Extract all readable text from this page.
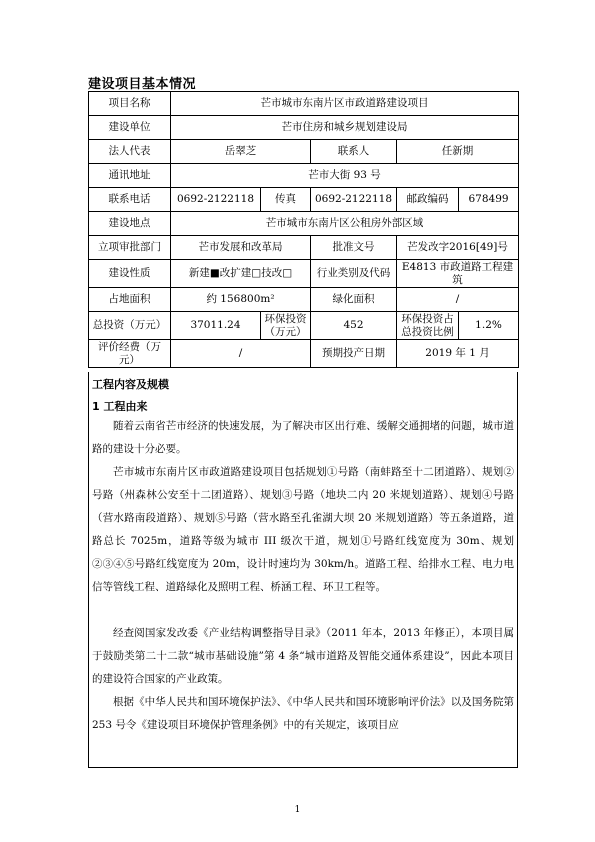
建设项目基本情况
项目名称	芒市城市东南片区市政道路建设项目				
建设单位	芒市住房和城乡规划建设局				
法人代表	岳翠芝		联系人	任新期	
通讯地址	芒市大街 93 号				
联系电话	0692-2122118	传真	0692-2122118	邮政编码	678499
建设地点	芒市城市东南片区公租房外部区域				
立项审批部门	芒市发展和改革局		批准文号	芒发改字2016[49]号	
建设性质	新建■改扩建□技改□		行业类别及代码	E4813 市政道路工程建筑	
占地面积	约 156800m²		绿化面积	/	
总投资（万元）	37011.24	环保投资（万元）	452	环保投资占总投资比例	1.2%
评价经费（万元）	/		预期投产日期	2019 年 1 月	
工程内容及规模
1 工程由来

随着云南省芒市经济的快速发展，为了解决市区出行难、缓解交通拥堵的问题，城市道路的建设十分必要。

芒市城市东南片区市政道路建设项目包括规划①号路（南蚌路至十二团道路）、规划②号路（州森林公安至十二团道路）、规划③号路（地块二内 20 米规划道路）、规划④号路（营水路南段道路）、规划⑤号路（营水路至孔雀湖大坝 20 米规划道路）等五条道路，道路总长 7025m，道路等级为城市 III 级次干道，规划①号路红线宽度为 30m、规划②③④⑤号路红线宽度为 20m，设计时速均为 30km/h。道路工程、给排水工程、电力电信等管线工程、道路绿化及照明工程、桥涵工程、环卫工程等。

经查阅国家发改委《产业结构调整指导目录》（2011 年本，2013 年修正），本项目属于鼓励类第二十二款“城市基础设施”第 4 条“城市道路及智能交通体系建设”，因此本项目的建设符合国家的产业政策。

根据《中华人民共和国环境保护法》、《中华人民共和国环境影响评价法》以及国务院第 253 号令《建设项目环境保护管理条例》中的有关规定，该项目应

1
